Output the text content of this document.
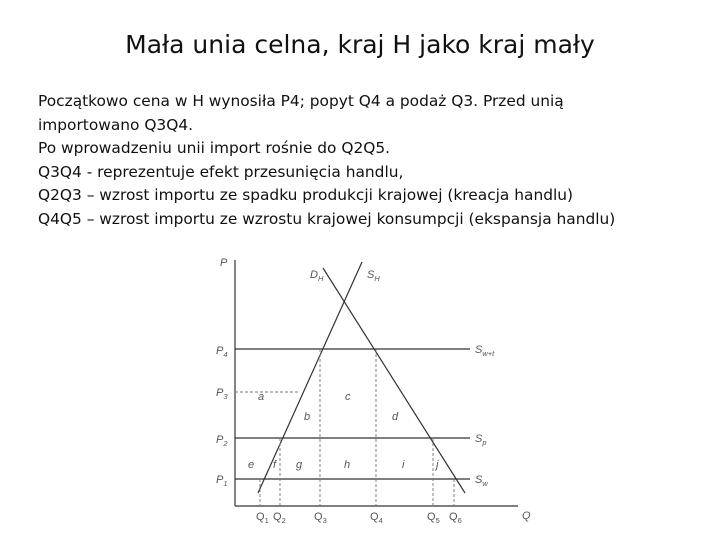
Mała unia celna, kraj H jako kraj mały
Początkowo cena w H wynosiła P4; popyt Q4 a podaż Q3. Przed unią
importowano Q3Q4.
Po wprowadzeniu unii import rośnie do Q2Q5.
Q3Q4 - reprezentuje efekt przesunięcia handlu,
Q2Q3 – wzrost importu ze spadku produkcji krajowej (kreacja handlu)
Q4Q5 – wzrost importu ze wzrostu krajowej konsumpcji (ekspansja handlu)
P
Q
$D_H$	$S_H$
$S_{w+t}$
$S_p$
$S_w$
$P_4$
$P_3$
$P_2$
$P_1$
$Q_1$ $Q_2$	$Q_3$	$Q_4$	$Q_5$ $Q_6$
a
b
c
d
e f g	h	i	j
